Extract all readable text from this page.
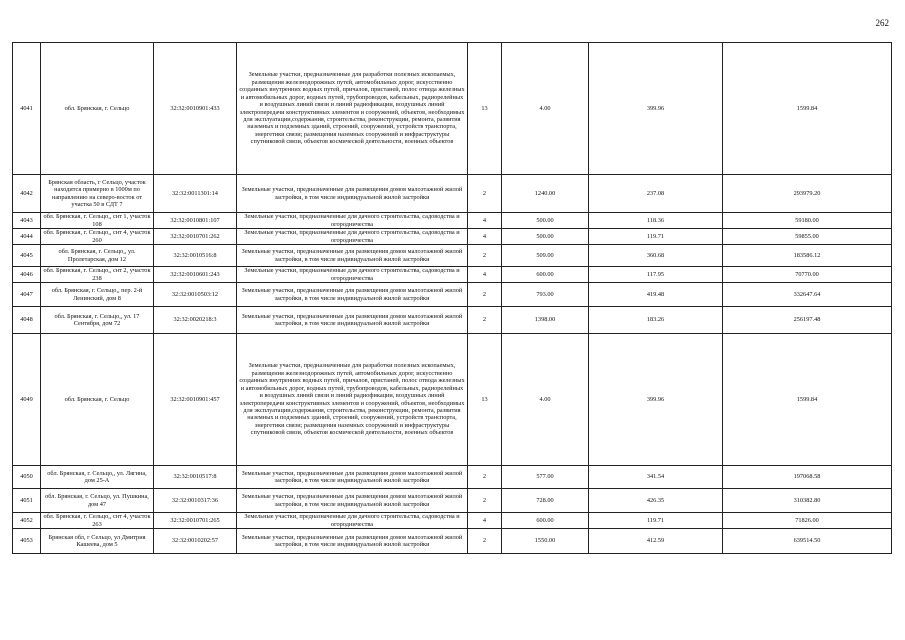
262
4041	обл. Брянская, г. Сельцо	32:32:0010901:433	Земельные участки, предназначенные для разработки полезных ископаемых, размещения железнодорожных путей, автомобильных дорог, искусственно созданных внутренних водных путей, причалов, пристаней, полос отвода железных и автомобильных дорог, водных путей, трубопроводов, кабельных, радиорелейных и воздушных линий связи и линий радиофикации, воздушных линий электропередачи конструктивных элементов и сооружений, объектов, необходимых для эксплуатации,содержания, строительства, реконструкции, ремонта, развития наземных и подземных зданий, строений, сооружений, устройств транспорта, энергетики связи; размещения наземных сооружений и инфраструктуры спутниковой связи, объектов космической деятельности, военных объектов	13	4.00	399.96	1599.84
4042	Брянская область, г Сельцо, участок находится примерно в 1000м по направлению на северо-восток от участка 50 в СДТ 7	32:32:0011301:14	Земельные участки, предназначенные для размещения домов малоэтажной жилой застройки, в том числе индивидуальной жилой застройки	2	1240.00	237.08	293979.20
4043	обл. Брянская, г. Сельцо,, снт 1, участок 108	32:32:0010801:107	Земельные участки, предназначенные для дачного строительства, садоводства и огородничества	4	500.00	118.36	59180.00
4044	обл. Брянская, г. Сельцо,, снт 4, участок 260	32:32:0010701:262	Земельные участки, предназначенные для дачного строительства, садоводства и огородничества	4	500.00	119.71	59855.00
4045	обл. Брянская, г. Сельцо,, ул. Пролетарская, дом 12	32:32:0010516:8	Земельные участки, предназначенные для размещения домов малоэтажной жилой застройки, в том числе индивидуальной жилой застройки	2	509.00	360.68	183586.12
4046	обл. Брянская, г. Сельцо,, снт 2, участок 238	32:32:0010601:243	Земельные участки, предназначенные для дачного строительства, садоводства и огородничества	4	600.00	117.95	70770.00
4047	обл. Брянская, г. Сельцо,, пер. 2-й Ленинский, дом 8	32:32:0010503:12	Земельные участки, предназначенные для размещения домов малоэтажной жилой застройки, в том числе индивидуальной жилой застройки	2	793.00	419.48	332647.64
4048	обл. Брянская, г. Сельцо,, ул. 17 Сентября, дом 72	32:32:0020218:3	Земельные участки, предназначенные для размещения домов малоэтажной жилой застройки, в том числе индивидуальной жилой застройки	2	1398.00	183.26	256197.48
4049	обл. Брянская, г. Сельцо	32:32:0010901:457	Земельные участки, предназначенные для разработки полезных ископаемых, размещения железнодорожных путей, автомобильных дорог, искусственно созданных внутренних водных путей, причалов, пристаней, полос отвода железных и автомобильных дорог, водных путей, трубопроводов, кабельных, радиорелейных и воздушных линий связи и линий радиофикации, воздушных линий электропередачи конструктивных элементов и сооружений, объектов, необходимых для эксплуатации,содержания, строительства, реконструкции, ремонта, развития наземных и подземных зданий, строений, сооружений, устройств транспорта, энергетики связи; размещения наземных сооружений и инфраструктуры спутниковой связи, объектов космической деятельности, военных объектов	13	4.00	399.96	1599.84
4050	обл. Брянская, г. Сельцо,, ул. Лягина, дом 25-А	32:32:0010517:8	Земельные участки, предназначенные для размещения домов малоэтажной жилой застройки, в том числе индивидуальной жилой застройки	2	577.00	341.54	197068.58
4051	обл. Брянская, г. Сельцо, ул. Пушкина, дом 47	32:32:0010317:36	Земельные участки, предназначенные для размещения домов малоэтажной жилой застройки, в том числе индивидуальной жилой застройки	2	728.00	426.35	310382.80
4052	обл. Брянская, г. Сельцо,, снт 4, участок 263	32:32:0010701:265	Земельные участки, предназначенные для дачного строительства, садоводства и огородничества	4	600.00	119.71	71826.00
4053	Брянская обл, г Сельцо, ул Дмитрия Кашеева, дом 5	32:32:0010202:57	Земельные участки, предназначенные для размещения домов малоэтажной жилой застройки, в том числе индивидуальной жилой застройки	2	1550.00	412.59	639514.50
